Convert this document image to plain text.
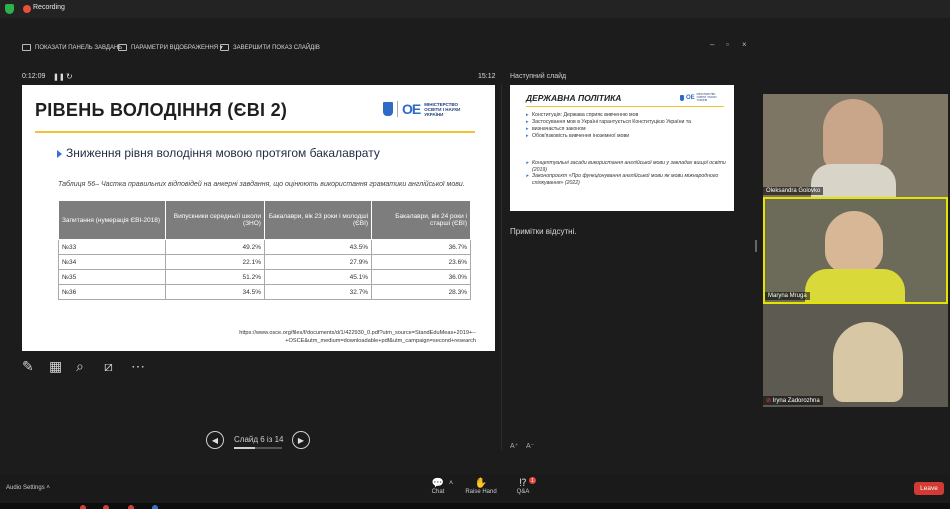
Recording
ПОКАЗАТИ ПАНЕЛЬ ЗАВДАНЬ ПАРАМЕТРИ ВІДОБРАЖЕННЯ ▾ ЗАВЕРШИТИ ПОКАЗ СЛАЙДІВ	– ▫ ×
0:12:09 ❚❚ ↻	15:12 Наступний слайд
РІВЕНЬ ВОЛОДІННЯ (ЄВІ 2)	ОЕ МІНІСТЕРСТВО ОСВІТИ І НАУКИ УКРАЇНИ
Зниження рівня володіння мовою протягом бакалаврату
Таблиця 56– Частка правильних відповідей на анкерні завдання, що оцінюють використання граматики англійської мови.
Запитання (нумерація ЄВІ-2018)	Випускники середньої школи (ЗНО)	Бакалаври, вік 23 роки і молодші (ЄВІ)	Бакалаври, вік 24 роки і старші (ЄВІ)
№33	49.2%	43.5%	36.7%
№34	22.1%	27.9%	23.6%
№35	51.2%	45.1%	36.0%
№36	34.5%	32.7%	28.3%
https://www.osce.org/files/f/documents/d/1/422930_0.pdf?utm_source=StandEduMeas+2019+--+OSCE&utm_medium=downloadable+pdf&utm_campaign=second+research
✎ ▦ ⌕ ⧄ ⋯
◀	Слайд 6 із 14	▶
ДЕРЖАВНА ПОЛІТИКА	ОЕ МІНІСТЕРСТВО ОСВІТИ І НАУКИ УКРАЇНИ
▸ Конституція: Держава сприяє вивченню мов
▸ Застосування мов в Україні гарантується Конституцією України та
▸ визначається законом
▸ Обов'язковість вивчення іноземної мови
▸ Концептуальні засади використання англійської мови у закладах вищої освіти (2019)
▸ Законопроєкт «Про функціонування англійської мови як мови міжнародного спілкування» (2022)
Примітки відсутні.
A⁺ A⁻
Oleksandra Golovko
Maryna Mruga
⊘ Iryna Zadorozhna
Audio Settings ˄	💬
Chat
˄	✋
Raise Hand
⁉
Q&A
1
Leave
